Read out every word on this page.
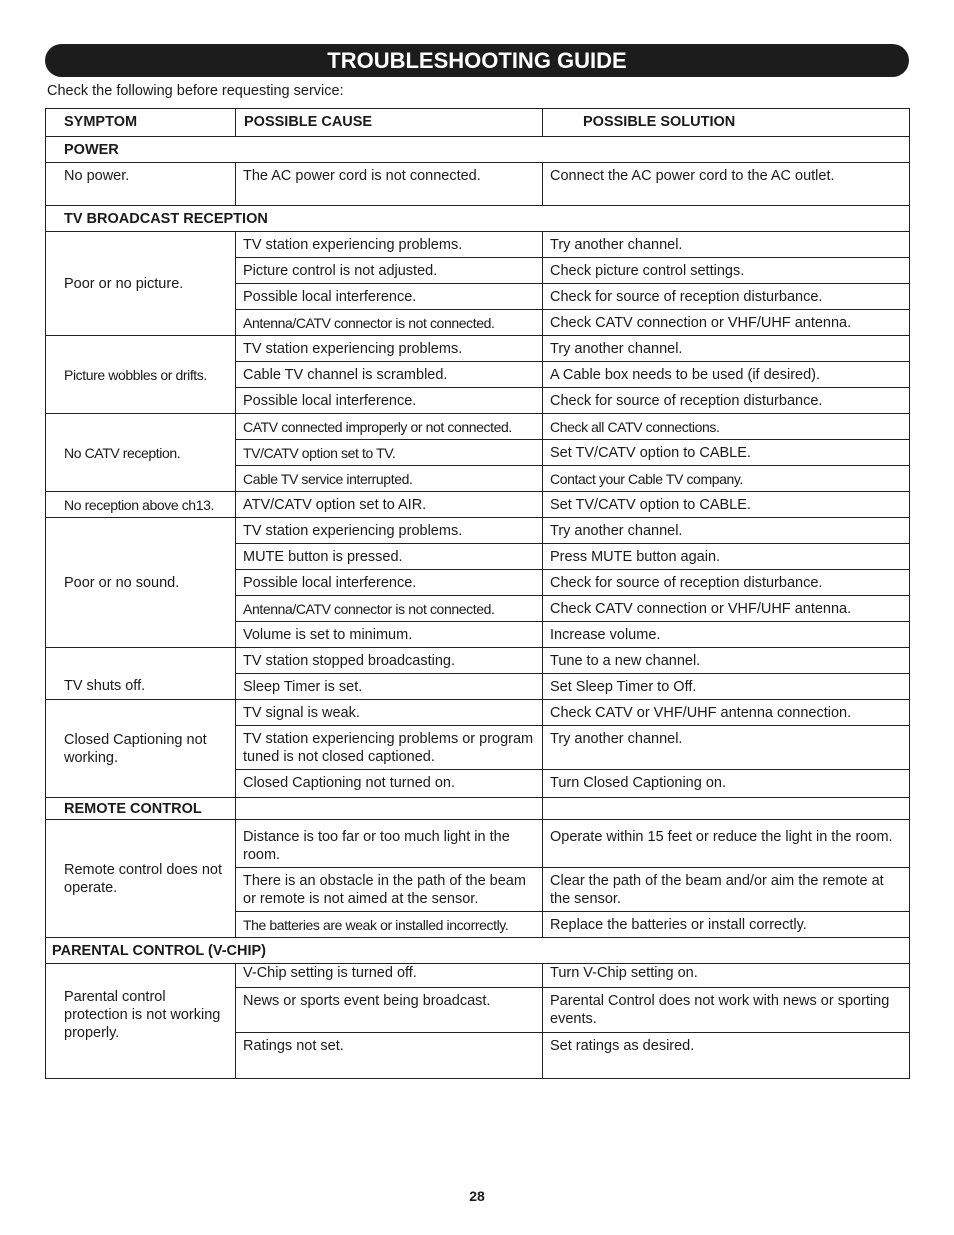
TROUBLESHOOTING GUIDE
Check the following before requesting service:
SYMPTOM	POSSIBLE CAUSE	POSSIBLE SOLUTION
POWER		
No power.	The AC power cord is not connected.	Connect the AC power cord to the AC outlet.
TV BROADCAST RECEPTION		
Poor or no picture.	TV station experiencing problems.	Try another channel.
	Picture control is not adjusted.	Check picture control settings.
	Possible local interference.	Check for source of reception disturbance.
	Antenna/CATV connector is not connected.	Check CATV connection or VHF/UHF antenna.
Picture wobbles or drifts.	TV station experiencing problems.	Try another channel.
	Cable TV channel is scrambled.	A Cable box needs to be used (if desired).
	Possible local interference.	Check for source of reception disturbance.
No CATV reception.	CATV connected improperly or not connected.	Check all CATV connections.
	TV/CATV option set to TV.	Set TV/CATV option to CABLE.
	Cable TV service interrupted.	Contact your Cable TV company.
No reception above ch13.	ATV/CATV option set to AIR.	Set TV/CATV option to CABLE.
Poor or no sound.	TV station experiencing problems.	Try another channel.
	MUTE button is pressed.	Press MUTE button again.
	Possible local interference.	Check for source of reception disturbance.
	Antenna/CATV connector is not connected.	Check CATV connection or VHF/UHF antenna.
	Volume is set to minimum.	Increase volume.
TV shuts off.	TV station stopped broadcasting.	Tune to a new channel.
	Sleep Timer is set.	Set Sleep Timer to Off.
Closed Captioning not working.	TV signal is weak.	Check CATV or VHF/UHF antenna connection.
	TV station experiencing problems or program tuned is not closed captioned.	Try another channel.
	Closed Captioning not turned on.	Turn Closed Captioning on.
REMOTE CONTROL		
Remote control does not operate.	Distance is too far or too much light in the room.	Operate within 15 feet or reduce the light in the room.
	There is an obstacle in the path of the beam or remote is not aimed at the sensor.	Clear the path of the beam and/or aim the remote at the sensor.
	The batteries are weak or installed incorrectly.	Replace the batteries or install correctly.
PARENTAL CONTROL (V-CHIP)		
Parental control protection is not working properly.	V-Chip setting is turned off.	Turn V-Chip setting on.
	News or sports event being broadcast.	Parental Control does not work with news or sporting events.
	Ratings not set.	Set ratings as desired.
28
